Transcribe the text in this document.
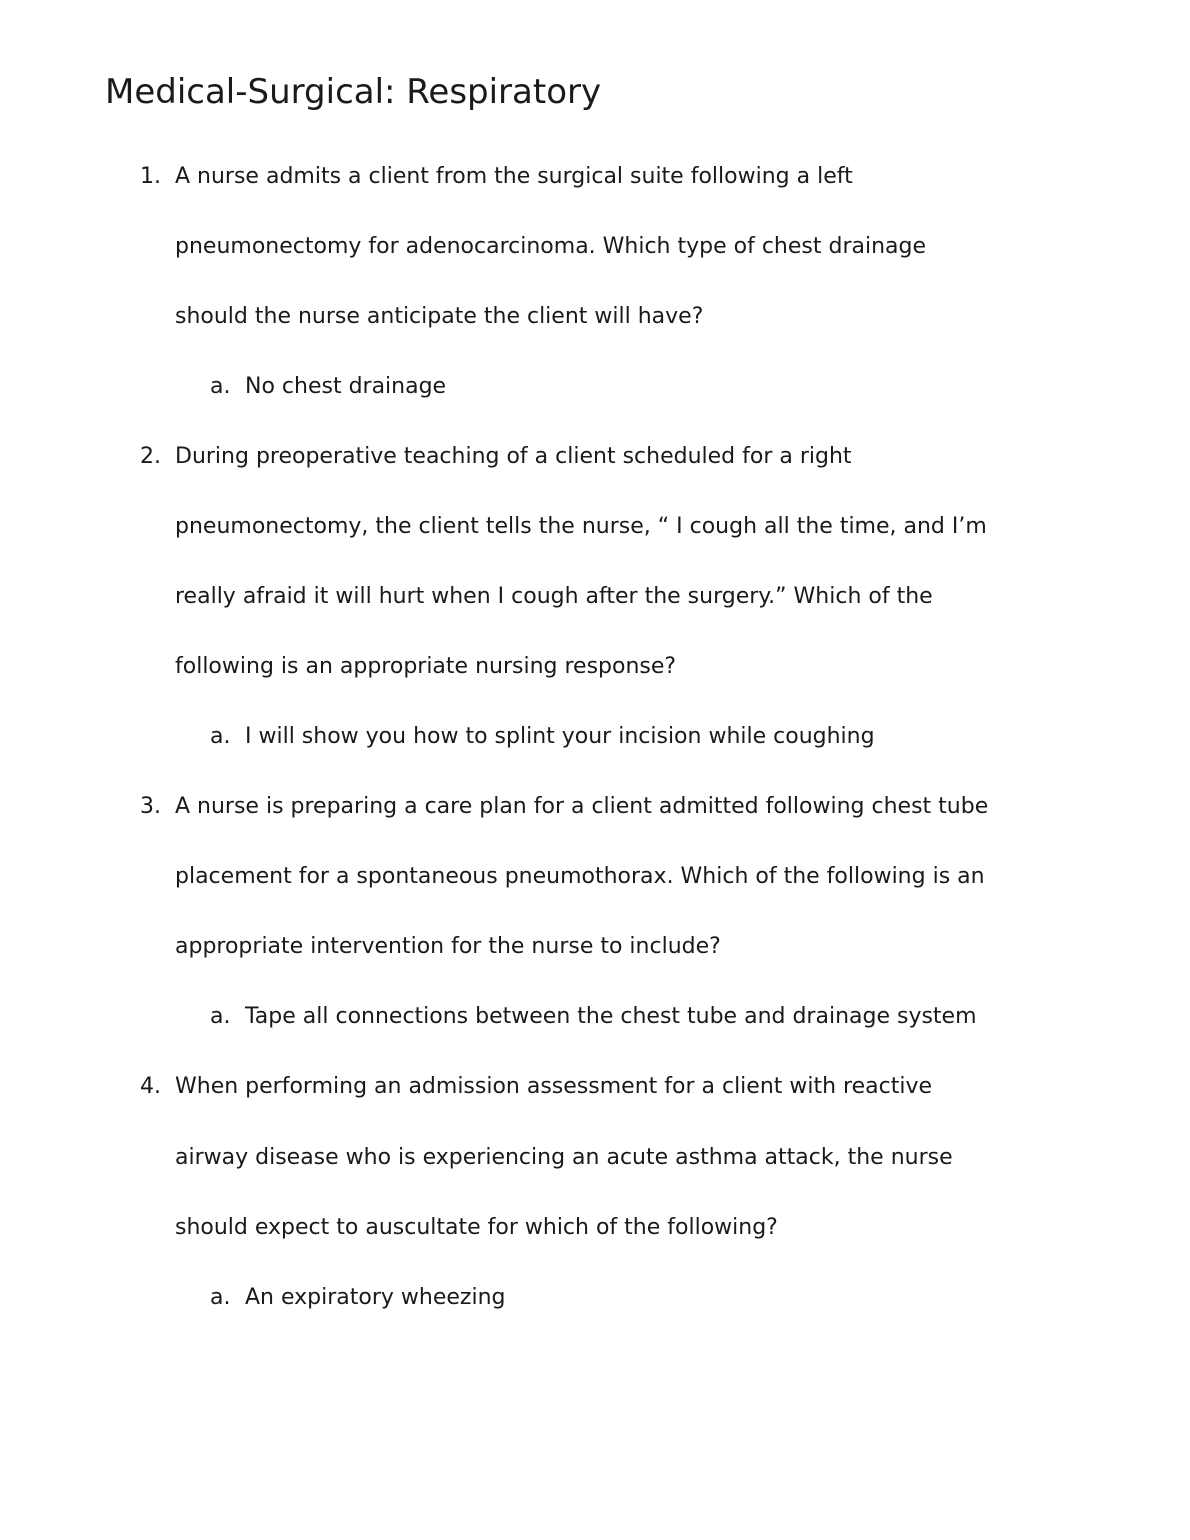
Medical-Surgical: Respiratory
1. A nurse admits a client from the surgical suite following a left
pneumonectomy for adenocarcinoma. Which type of chest drainage
should the nurse anticipate the client will have?
a. No chest drainage
2. During preoperative teaching of a client scheduled for a right
pneumonectomy, the client tells the nurse, “ I cough all the time, and I’m
really afraid it will hurt when I cough after the surgery.” Which of the
following is an appropriate nursing response?
a. I will show you how to splint your incision while coughing
3. A nurse is preparing a care plan for a client admitted following chest tube
placement for a spontaneous pneumothorax. Which of the following is an
appropriate intervention for the nurse to include?
a. Tape all connections between the chest tube and drainage system
4. When performing an admission assessment for a client with reactive
airway disease who is experiencing an acute asthma attack, the nurse
should expect to auscultate for which of the following?
a. An expiratory wheezing
